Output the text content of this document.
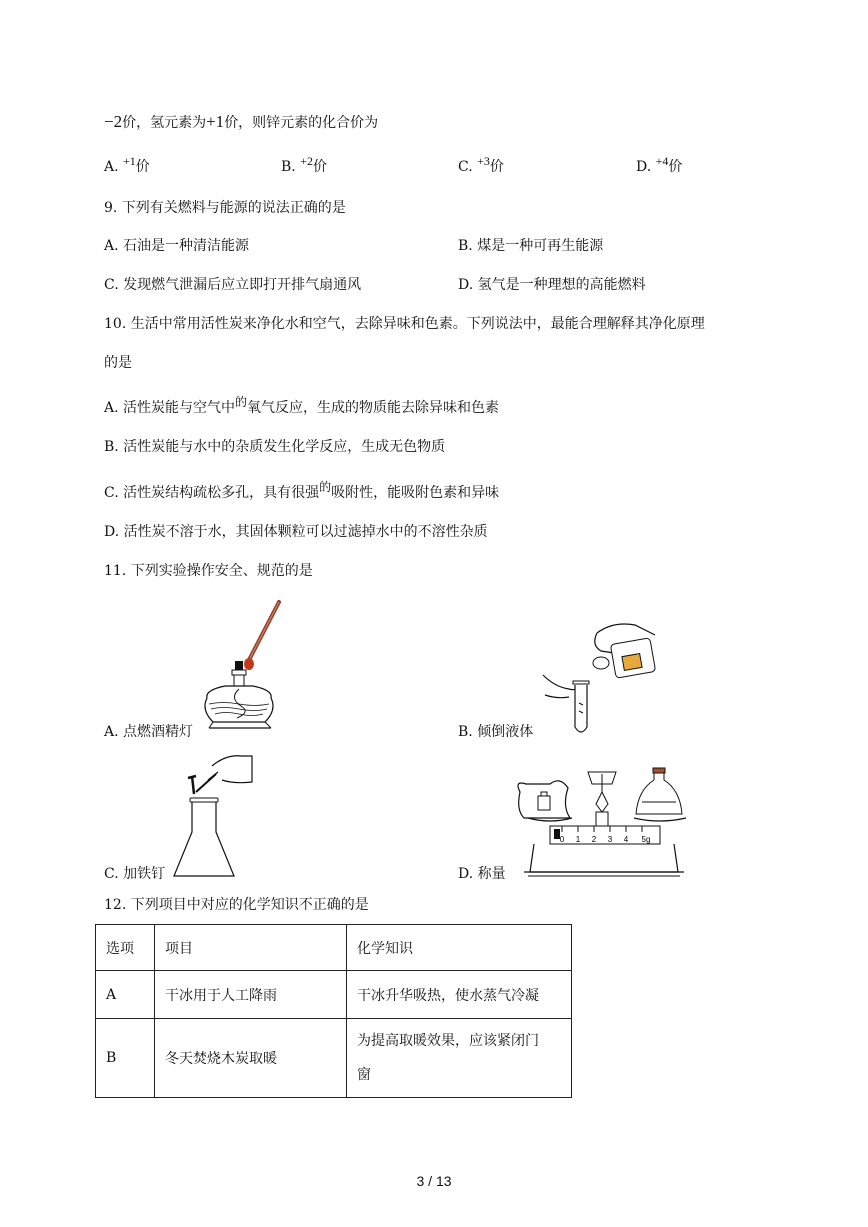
−2价，氢元素为+1价，则锌元素的化合价为
A. +1价	B. +2价	C. +3价	D. +4价
9. 下列有关燃料与能源的说法正确的是
A. 石油是一种清洁能源	B. 煤是一种可再生能源
C. 发现燃气泄漏后应立即打开排气扇通风	D. 氢气是一种理想的高能燃料
10. 生活中常用活性炭来净化水和空气，去除异味和色素。下列说法中，最能合理解释其净化原理
的是
A. 活性炭能与空气中的氧气反应，生成的物质能去除异味和色素
B. 活性炭能与水中的杂质发生化学反应，生成无色物质
C. 活性炭结构疏松多孔，具有很强的吸附性，能吸附色素和异味
D. 活性炭不溶于水，其固体颗粒可以过滤掉水中的不溶性杂质
11. 下列实验操作安全、规范的是
A. 点燃酒精灯	B. 倾倒液体
C. 加铁钉
0 1 2 3 4 5g
D. 称量
12. 下列项目中对应的化学知识不正确的是
选项	项目	化学知识
A	干冰用于人工降雨	干冰升华吸热，使水蒸气冷凝
B	冬天焚烧木炭取暖	为提高取暖效果，应该紧闭门
窗
3 / 13
